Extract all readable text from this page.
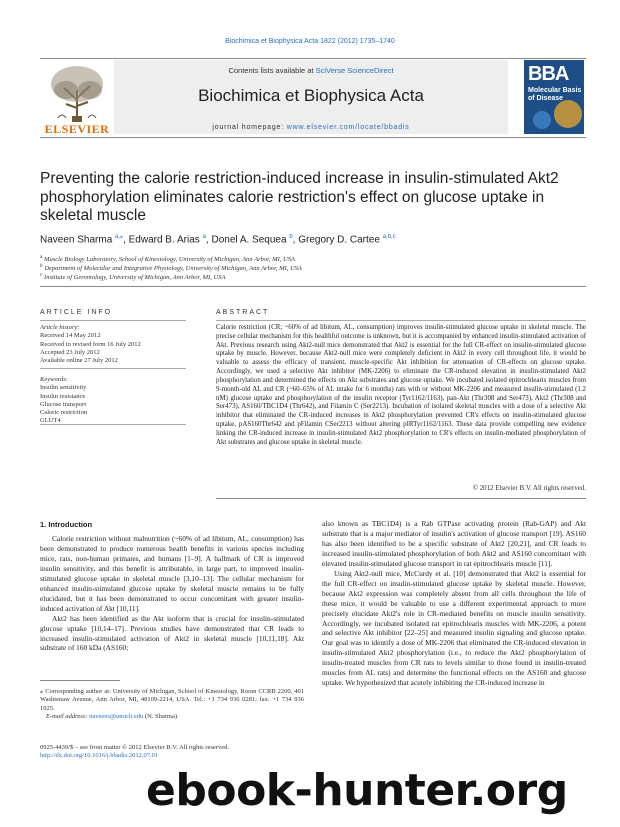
Biochimica et Biophysica Acta 1822 (2012) 1735–1740
ELSEVIER
Contents lists available at SciVerse ScienceDirect
Biochimica et Biophysica Acta
journal homepage: www.elsevier.com/locate/bbadis
BBA
Molecular Basis of Disease
Preventing the calorie restriction-induced increase in insulin-stimulated Akt2 phosphorylation eliminates calorie restriction's effect on glucose uptake in skeletal muscle
Naveen Sharma $^{a,⁎}$, Edward B. Arias $^a$, Donel A. Sequea $^b$, Gregory D. Cartee $^{a,b,c}$
$^a$ Muscle Biology Laboratory, School of Kinesiology, University of Michigan, Ann Arbor, MI, USA
$^b$ Department of Molecular and Integrative Physiology, University of Michigan, Ann Arbor, MI, USA
$^c$ Institute of Gerontology, University of Michigan, Ann Arbor, MI, USA
ARTICLE INFO
Article history:
Received 14 May 2012
Received in revised form 16 July 2012
Accepted 23 July 2012
Available online 27 July 2012
Keywords:
Insulin sensitivity
Insulin resistance
Glucose transport
Caloric restriction
GLUT4
ABSTRACT
Calorie restriction (CR; ~60% of ad libitum, AL, consumption) improves insulin-stimulated glucose uptake in skeletal muscle. The precise cellular mechanism for this healthful outcome is unknown, but it is accompanied by enhanced insulin-stimulated activation of Akt. Previous research using Akt2-null mice demonstrated that Akt2 is essential for the full CR-effect on insulin-stimulated glucose uptake by muscle. However, because Akt2-null mice were completely deficient in Akt2 in every cell throughout life, it would be valuable to assess the efficacy of transient, muscle-specific Akt inhibition for attenuation of CR-effects on glucose uptake. Accordingly, we used a selective Akt inhibitor (MK-2206) to eliminate the CR-induced elevation in insulin-stimulated Akt2 phosphorylation and determined the effects on Akt substrates and glucose uptake. We incubated isolated epitrochlearis muscles from 9-month-old AL and CR (~60–65% of AL intake for 6 months) rats with or without MK-2206 and measured insulin-stimulated (1.2 nM) glucose uptake and phosphorylation of the insulin receptor (Tyr1162/1163), pan-Akt (Thr308 and Ser473), Akt2 (Thr308 and Ser473), AS160/TBC1D4 (Thr642), and Filamin C (Ser2213). Incubation of isolated skeletal muscles with a dose of a selective Akt inhibitor that eliminated the CR-induced increases in Akt2 phosphorylation prevented CR's effects on insulin-stimulated glucose uptake, pAS160Thr642 and pFilamin CSer2213 without altering pIRTyr1162/1163. These data provide compelling new evidence linking the CR-induced increase in insulin-stimulated Akt2 phosphorylation to CR's effects on insulin-mediated phosphorylation of Akt substrates and glucose uptake in skeletal muscle.
© 2012 Elsevier B.V. All rights reserved.
1. Introduction

Calorie restriction without malnutrition (~60% of ad libitum, AL, consumption) has been demonstrated to produce numerous health benefits in various species including mice, rats, non-human primates, and humans [1–9]. A hallmark of CR is improved insulin sensitivity, and this benefit is attributable, in large part, to improved insulin-stimulated glucose uptake in skeletal muscle [3,10–13]. The cellular mechanism for enhanced insulin-stimulated glucose uptake by skeletal muscle remains to be fully elucidated, but it has been demonstrated to occur concomitant with greater insulin-induced activation of Akt [10,11].

Akt2 has been identified as the Akt isoform that is crucial for insulin-stimulated glucose uptake [10,14–17]. Previous studies have demonstrated that CR leads to increased insulin-stimulated activation of Akt2 in skeletal muscle [10,11,18]. Akt substrate of 160 kDa (AS160;

also known as TBC1D4) is a Rab GTPase activating protein (Rab-GAP) and Akt substrate that is a major mediator of insulin's activation of glucose transport [19]. AS160 has also been identified to be a specific substrate of Akt2 [20,21], and CR leads to increased insulin-stimulated phosphorylation of both Akt2 and AS160 concomitant with elevated insulin-stimulated glucose transport in rat epitrochlearis muscle [11].

Using Akt2-null mice, McCurdy et al. [10] demonstrated that Akt2 is essential for the full CR-effect on insulin-stimulated glucose uptake by skeletal muscle. However, because Akt2 expression was completely absent from all cells throughout the life of these mice, it would be valuable to use a different experimental approach to more precisely elucidate Akt2's role in CR-mediated benefits on muscle insulin sensitivity. Accordingly, we incubated isolated rat epitrochlearis muscles with MK-2206, a potent and selective Akt inhibitor [22–25] and measured insulin signaling and glucose uptake. Our goal was to identify a dose of MK-2206 that eliminated the CR-induced elevation in insulin-stimulated Akt2 phosphorylation (i.e., to reduce the Akt2 phosphorylation of insulin-treated muscles from CR rats to levels similar to those found in insulin-treated muscles from AL rats) and determine the functional effects on the AS160 and glucose uptake. We hypothesized that acutely inhibiting the CR-induced increase in

⁎ Corresponding author at: University of Michigan, School of Kinesiology, Room CCRB 2200, 401 Washtenaw Avenue, Ann Arbor, MI, 48109-2214, USA. Tel.: +1 734 936 0281; fax: +1 734 936 1925.
E-mail address: naveens@umich.edu (N. Sharma).
0925-4439/$ – see front matter © 2012 Elsevier B.V. All rights reserved.
http://dx.doi.org/10.1016/j.bbadis.2012.07.01
ebook-hunter.org
